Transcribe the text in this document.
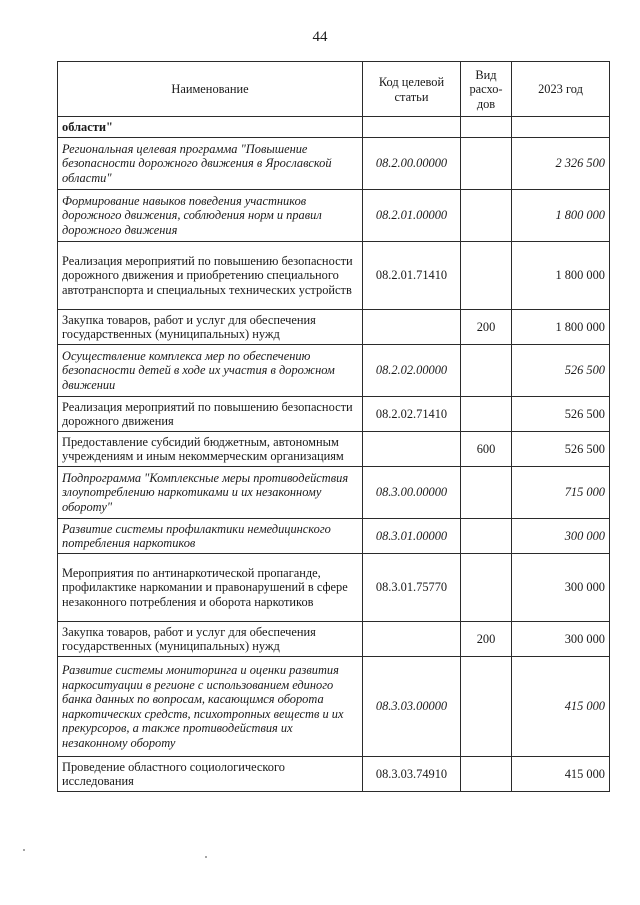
44
Наименование	Код целевой статьи	Вид расхо-дов	2023 год
области"			
Региональная целевая программа "Повышение безопасности дорожного движения в Ярославской области"	08.2.00.00000		2 326 500
Формирование навыков поведения участников дорожного движения, соблюдения норм и правил дорожного движения	08.2.01.00000		1 800 000
Реализация мероприятий по повышению безопасности дорожного движения и приобретению специального автотранспорта и специальных технических устройств	08.2.01.71410		1 800 000
Закупка товаров, работ и услуг для обеспечения государственных (муниципальных) нужд		200	1 800 000
Осуществление комплекса мер по обеспечению безопасности детей в ходе их участия в дорожном движении	08.2.02.00000		526 500
Реализация мероприятий по повышению безопасности дорожного движения	08.2.02.71410		526 500
Предоставление субсидий бюджетным, автономным учреждениям и иным некоммерческим организациям		600	526 500
Подпрограмма "Комплексные меры противодействия злоупотреблению наркотиками и их незаконному обороту"	08.3.00.00000		715 000
Развитие системы профилактики немедицинского потребления наркотиков	08.3.01.00000		300 000
Мероприятия по антинаркотической пропаганде, профилактике наркомании и правонарушений в сфере незаконного потребления и оборота наркотиков	08.3.01.75770		300 000
Закупка товаров, работ и услуг для обеспечения государственных (муниципальных) нужд		200	300 000
Развитие системы мониторинга и оценки развития наркоситуации в регионе с использованием единого банка данных по вопросам, касающимся оборота наркотических средств, психотропных веществ и их прекурсоров, а также противодействия их незаконному обороту	08.3.03.00000		415 000
Проведение областного социологического исследования	08.3.03.74910		415 000
